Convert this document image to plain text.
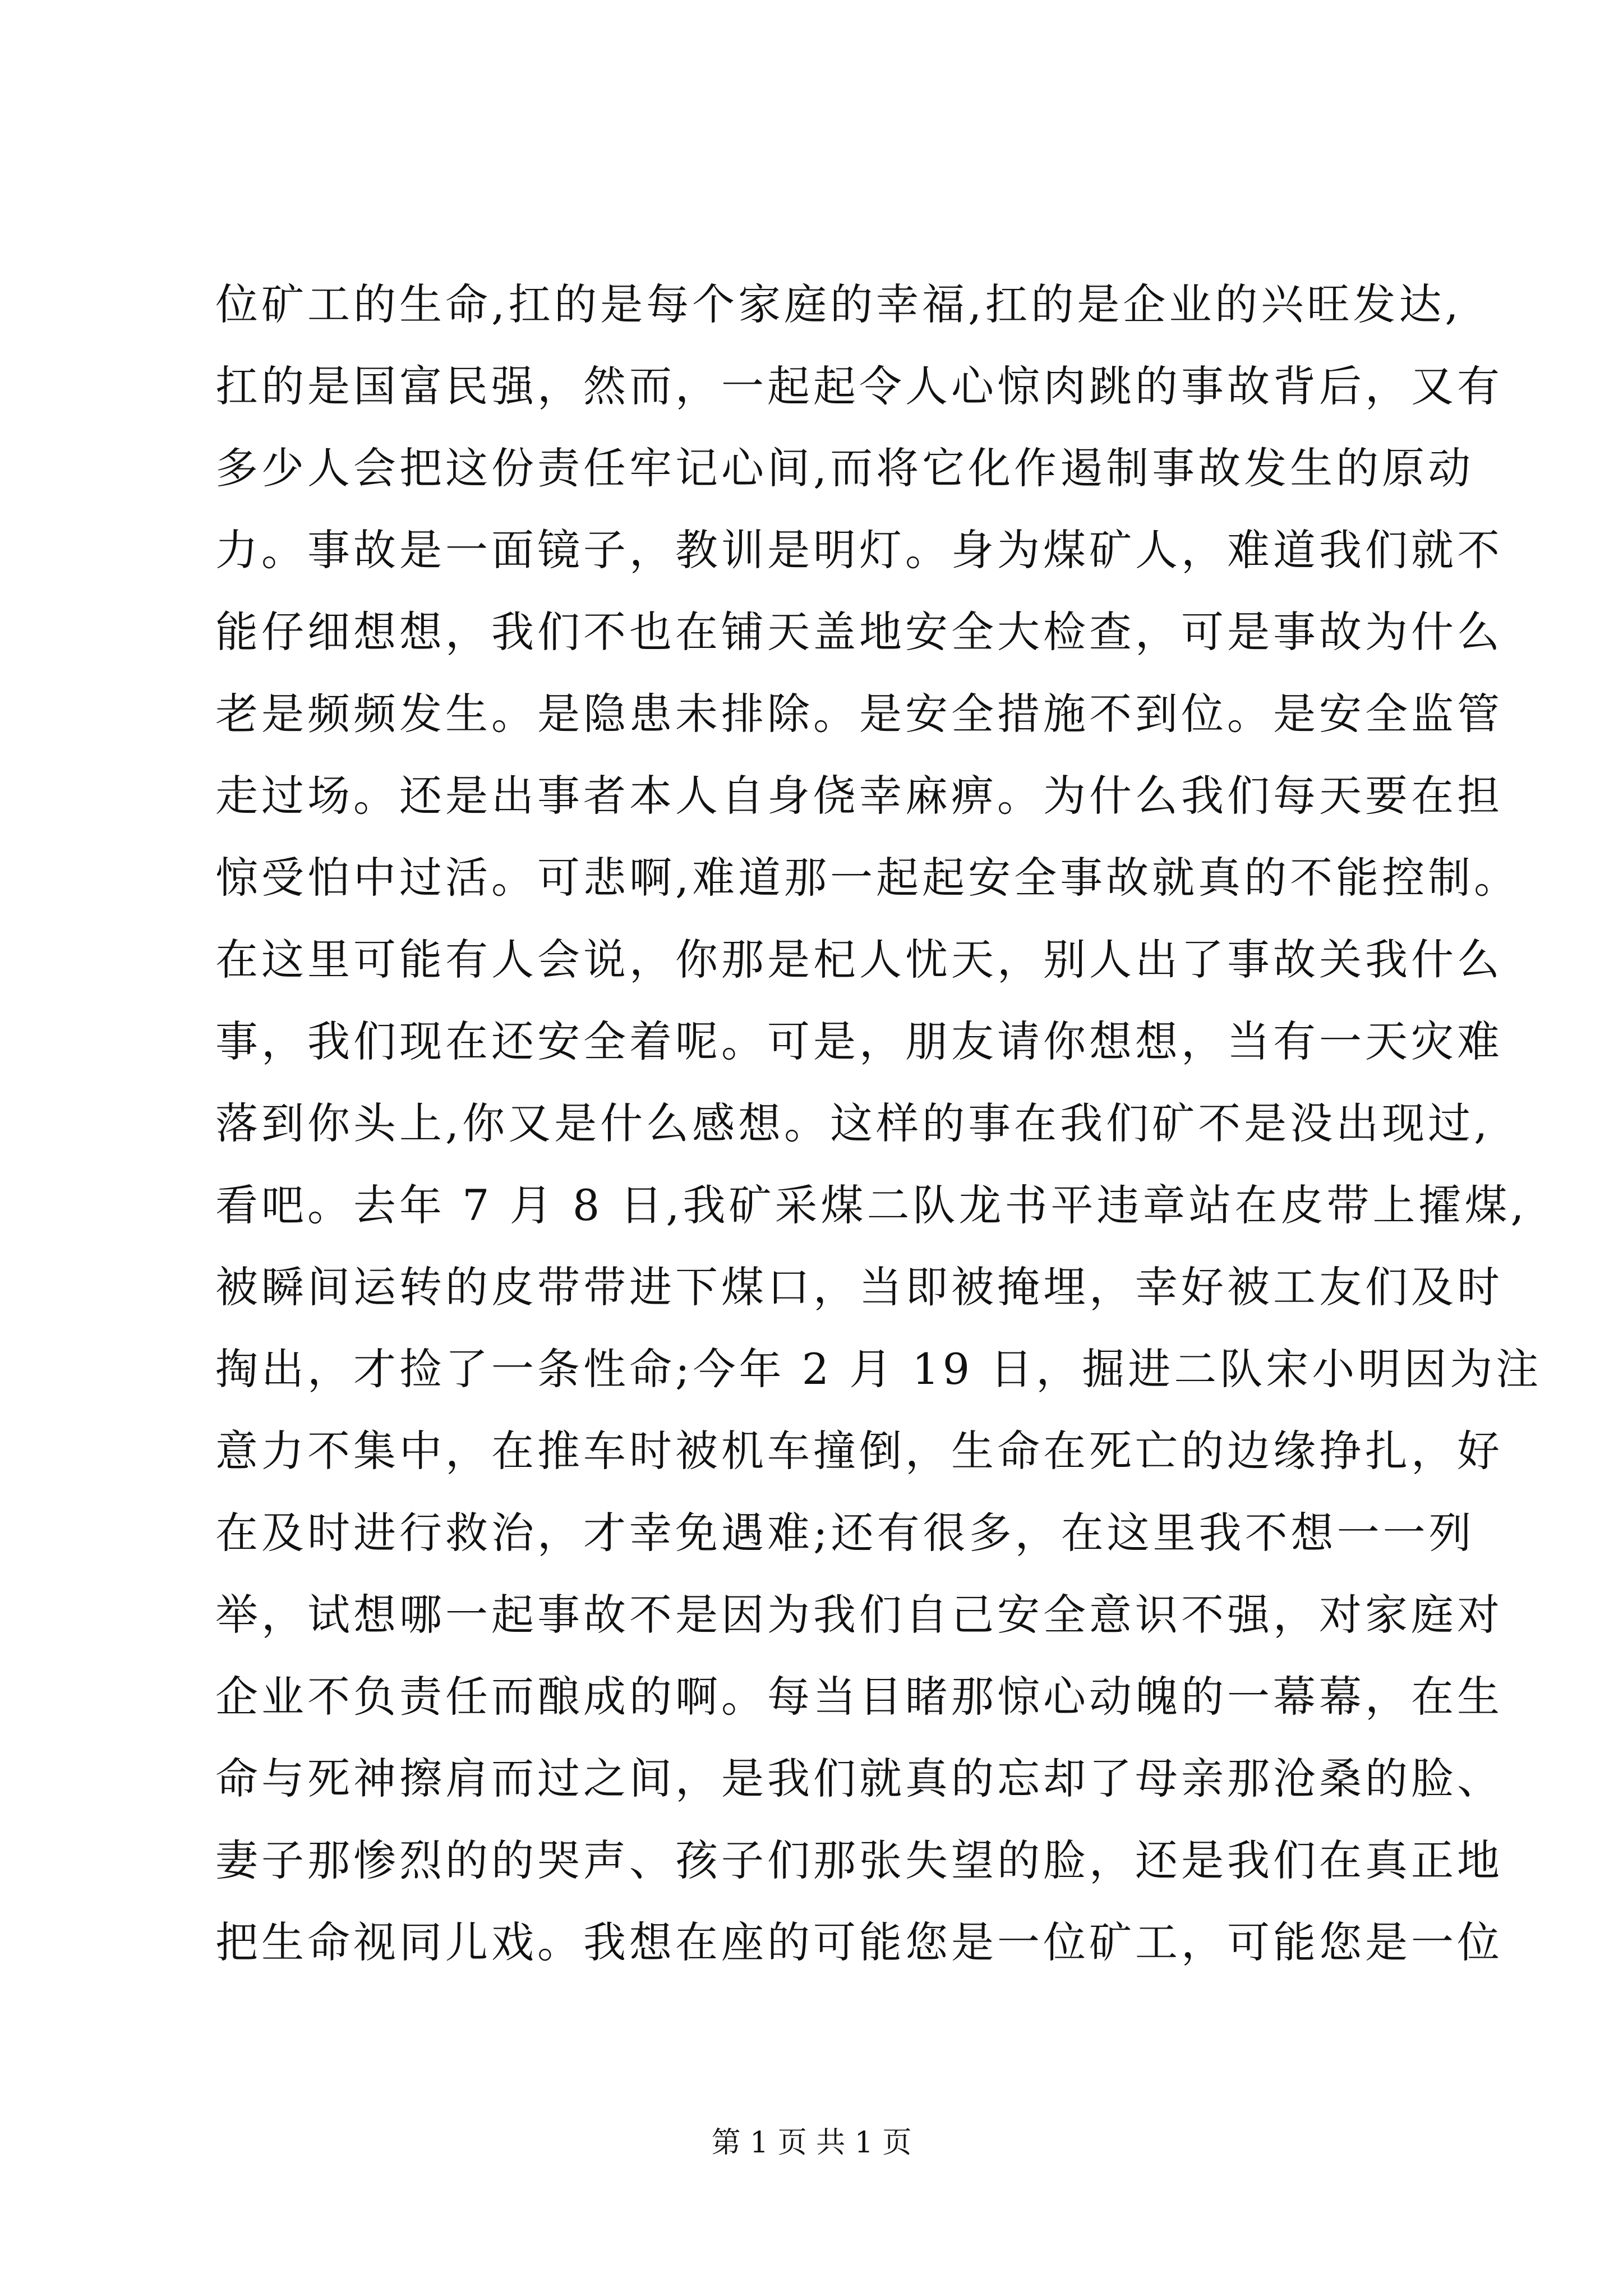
位矿工的生命,扛的是每个家庭的幸福,扛的是企业的兴旺发达,
扛的是国富民强，然而，一起起令人心惊肉跳的事故背后，又有
多少人会把这份责任牢记心间,而将它化作遏制事故发生的原动
力。事故是一面镜子，教训是明灯。身为煤矿人，难道我们就不
能仔细想想，我们不也在铺天盖地安全大检查，可是事故为什么
老是频频发生。是隐患未排除。是安全措施不到位。是安全监管
走过场。还是出事者本人自身侥幸麻痹。为什么我们每天要在担
惊受怕中过活。可悲啊,难道那一起起安全事故就真的不能控制。
在这里可能有人会说，你那是杞人忧天，别人出了事故关我什么
事，我们现在还安全着呢。可是，朋友请你想想，当有一天灾难
落到你头上,你又是什么感想。这样的事在我们矿不是没出现过,
看吧。去年 7 月 8 日,我矿采煤二队龙书平违章站在皮带上攉煤,
被瞬间运转的皮带带进下煤口，当即被掩埋，幸好被工友们及时
掏出，才捡了一条性命;今年 2 月 19 日，掘进二队宋小明因为注
意力不集中，在推车时被机车撞倒，生命在死亡的边缘挣扎，好
在及时进行救治，才幸免遇难;还有很多，在这里我不想一一列
举，试想哪一起事故不是因为我们自己安全意识不强，对家庭对
企业不负责任而酿成的啊。每当目睹那惊心动魄的一幕幕，在生
命与死神擦肩而过之间，是我们就真的忘却了母亲那沧桑的脸、
妻子那惨烈的的哭声、孩子们那张失望的脸，还是我们在真正地
把生命视同儿戏。我想在座的可能您是一位矿工，可能您是一位
第 1 页 共 1 页
